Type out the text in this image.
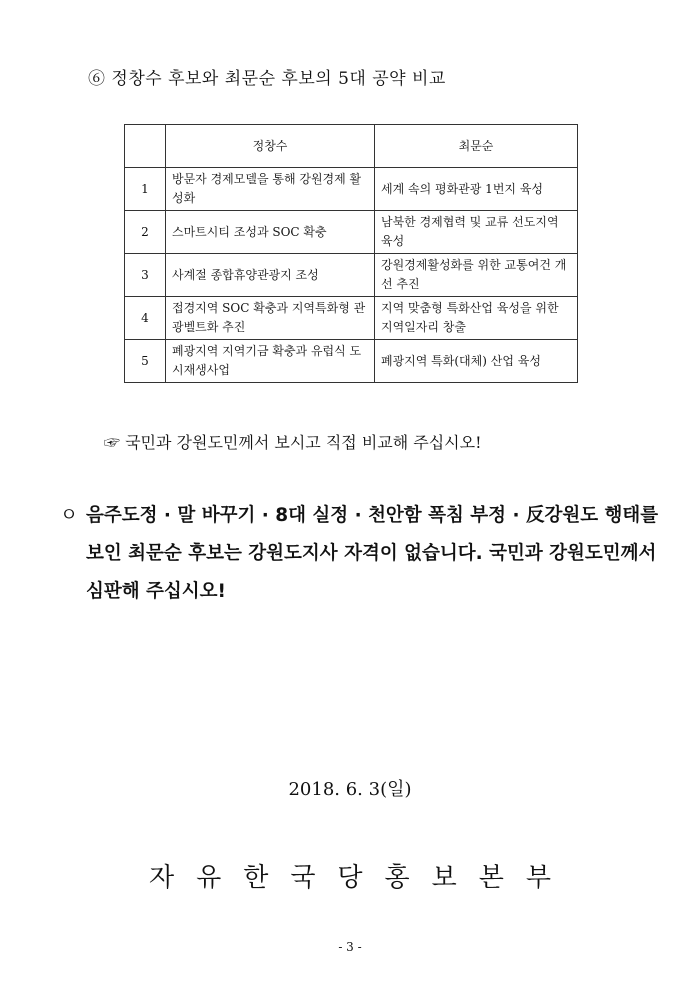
⑥ 정창수 후보와 최문순 후보의 5대 공약 비교
	정창수	최문순
1	방문자 경제모델을 통해 강원경제 활성화	세계 속의 평화관광 1번지 육성
2	스마트시티 조성과 SOC 확충	남북한 경제협력 및 교류 선도지역 육성
3	사계절 종합휴양관광지 조성	강원경제활성화를 위한 교통여건 개선 추진
4	접경지역 SOC 확충과 지역특화형 관광벨트화 추진	지역 맞춤형 특화산업 육성을 위한 지역일자리 창출
5	폐광지역 지역기금 확충과 유럽식 도시재생사업	폐광지역 특화(대체) 산업 육성
☞ 국민과 강원도민께서 보시고 직접 비교해 주십시오!
ㅇ 음주도정 · 말 바꾸기 · 8대 실정 · 천안함 폭침 부정 · 反강원도 행태를 보인 최문순 후보는 강원도지사 자격이 없습니다. 국민과 강원도민께서 심판해 주십시오!
2018. 6. 3(일)
자유한국당홍보본부
- 3 -
